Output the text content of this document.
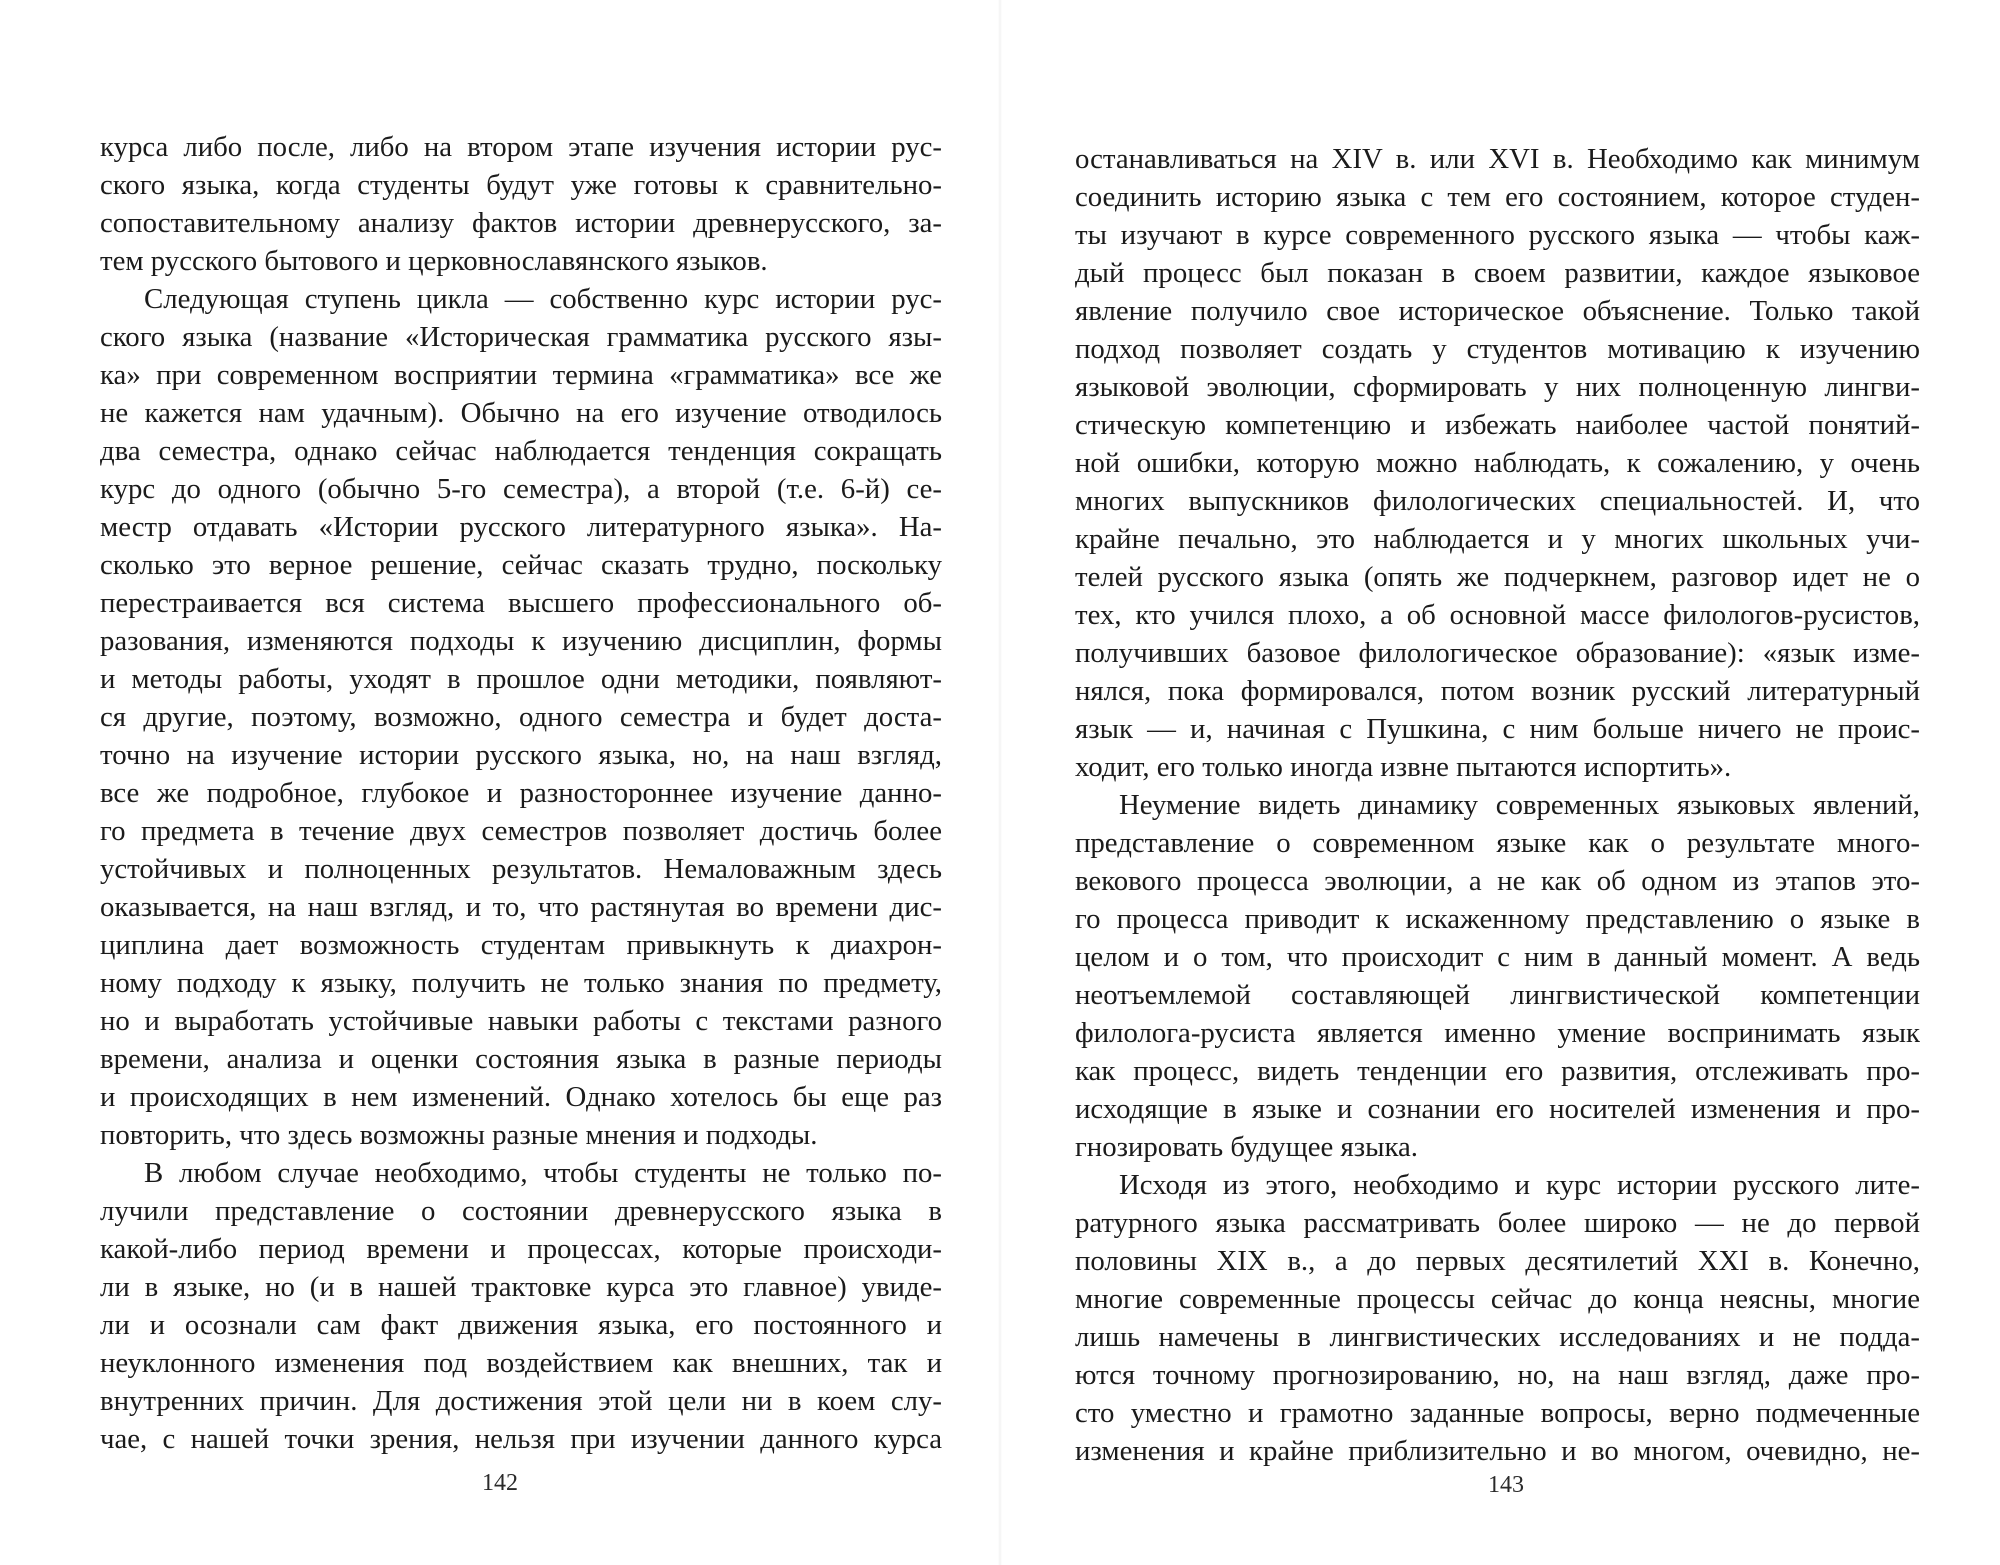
курса либо после, либо на втором этапе изучения истории рус-
ского языка, когда студенты будут уже готовы к сравнительно-
сопоставительному анализу фактов истории древнерусского, за-
тем русского бытового и церковнославянского языков.
Следующая ступень цикла — собственно курс истории рус-
ского языка (название «Историческая грамматика русского язы-
ка» при современном восприятии термина «грамматика» все же
не кажется нам удачным). Обычно на его изучение отводилось
два семестра, однако сейчас наблюдается тенденция сокращать
курс до одного (обычно 5-го семестра), а второй (т.е. 6-й) се-
местр отдавать «Истории русского литературного языка». На-
сколько это верное решение, сейчас сказать трудно, поскольку
перестраивается вся система высшего профессионального об-
разования, изменяются подходы к изучению дисциплин, формы
и методы работы, уходят в прошлое одни методики, появляют-
ся другие, поэтому, возможно, одного семестра и будет доста-
точно на изучение истории русского языка, но, на наш взгляд,
все же подробное, глубокое и разностороннее изучение данно-
го предмета в течение двух семестров позволяет достичь более
устойчивых и полноценных результатов. Немаловажным здесь
оказывается, на наш взгляд, и то, что растянутая во времени дис-
циплина дает возможность студентам привыкнуть к диахрон-
ному подходу к языку, получить не только знания по предмету,
но и выработать устойчивые навыки работы с текстами разного
времени, анализа и оценки состояния языка в разные периоды
и происходящих в нем изменений. Однако хотелось бы еще раз
повторить, что здесь возможны разные мнения и подходы.
В любом случае необходимо, чтобы студенты не только по-
лучили представление о состоянии древнерусского языка в
какой-либо период времени и процессах, которые происходи-
ли в языке, но (и в нашей трактовке курса это главное) увиде-
ли и осознали сам факт движения языка, его постоянного и
неуклонного изменения под воздействием как внешних, так и
внутренних причин. Для достижения этой цели ни в коем слу-
чае, с нашей точки зрения, нельзя при изучении данного курса
142
останавливаться на XIV в. или XVI в. Необходимо как минимум
соединить историю языка с тем его состоянием, которое студен-
ты изучают в курсе современного русского языка — чтобы каж-
дый процесс был показан в своем развитии, каждое языковое
явление получило свое историческое объяснение. Только такой
подход позволяет создать у студентов мотивацию к изучению
языковой эволюции, сформировать у них полноценную лингви-
стическую компетенцию и избежать наиболее частой понятий-
ной ошибки, которую можно наблюдать, к сожалению, у очень
многих выпускников филологических специальностей. И, что
крайне печально, это наблюдается и у многих школьных учи-
телей русского языка (опять же подчеркнем, разговор идет не о
тех, кто учился плохо, а об основной массе филологов-русистов,
получивших базовое филологическое образование): «язык изме-
нялся, пока формировался, потом возник русский литературный
язык — и, начиная с Пушкина, с ним больше ничего не проис-
ходит, его только иногда извне пытаются испортить».
Неумение видеть динамику современных языковых явлений,
представление о современном языке как о результате много-
векового процесса эволюции, а не как об одном из этапов это-
го процесса приводит к искаженному представлению о языке в
целом и о том, что происходит с ним в данный момент. А ведь
неотъемлемой составляющей лингвистической компетенции
филолога-русиста является именно умение воспринимать язык
как процесс, видеть тенденции его развития, отслеживать про-
исходящие в языке и сознании его носителей изменения и про-
гнозировать будущее языка.
Исходя из этого, необходимо и курс истории русского лите-
ратурного языка рассматривать более широко — не до первой
половины XIX в., а до первых десятилетий XXI в. Конечно,
многие современные процессы сейчас до конца неясны, многие
лишь намечены в лингвистических исследованиях и не подда-
ются точному прогнозированию, но, на наш взгляд, даже про-
сто уместно и грамотно заданные вопросы, верно подмеченные
изменения и крайне приблизительно и во многом, очевидно, не-
143
